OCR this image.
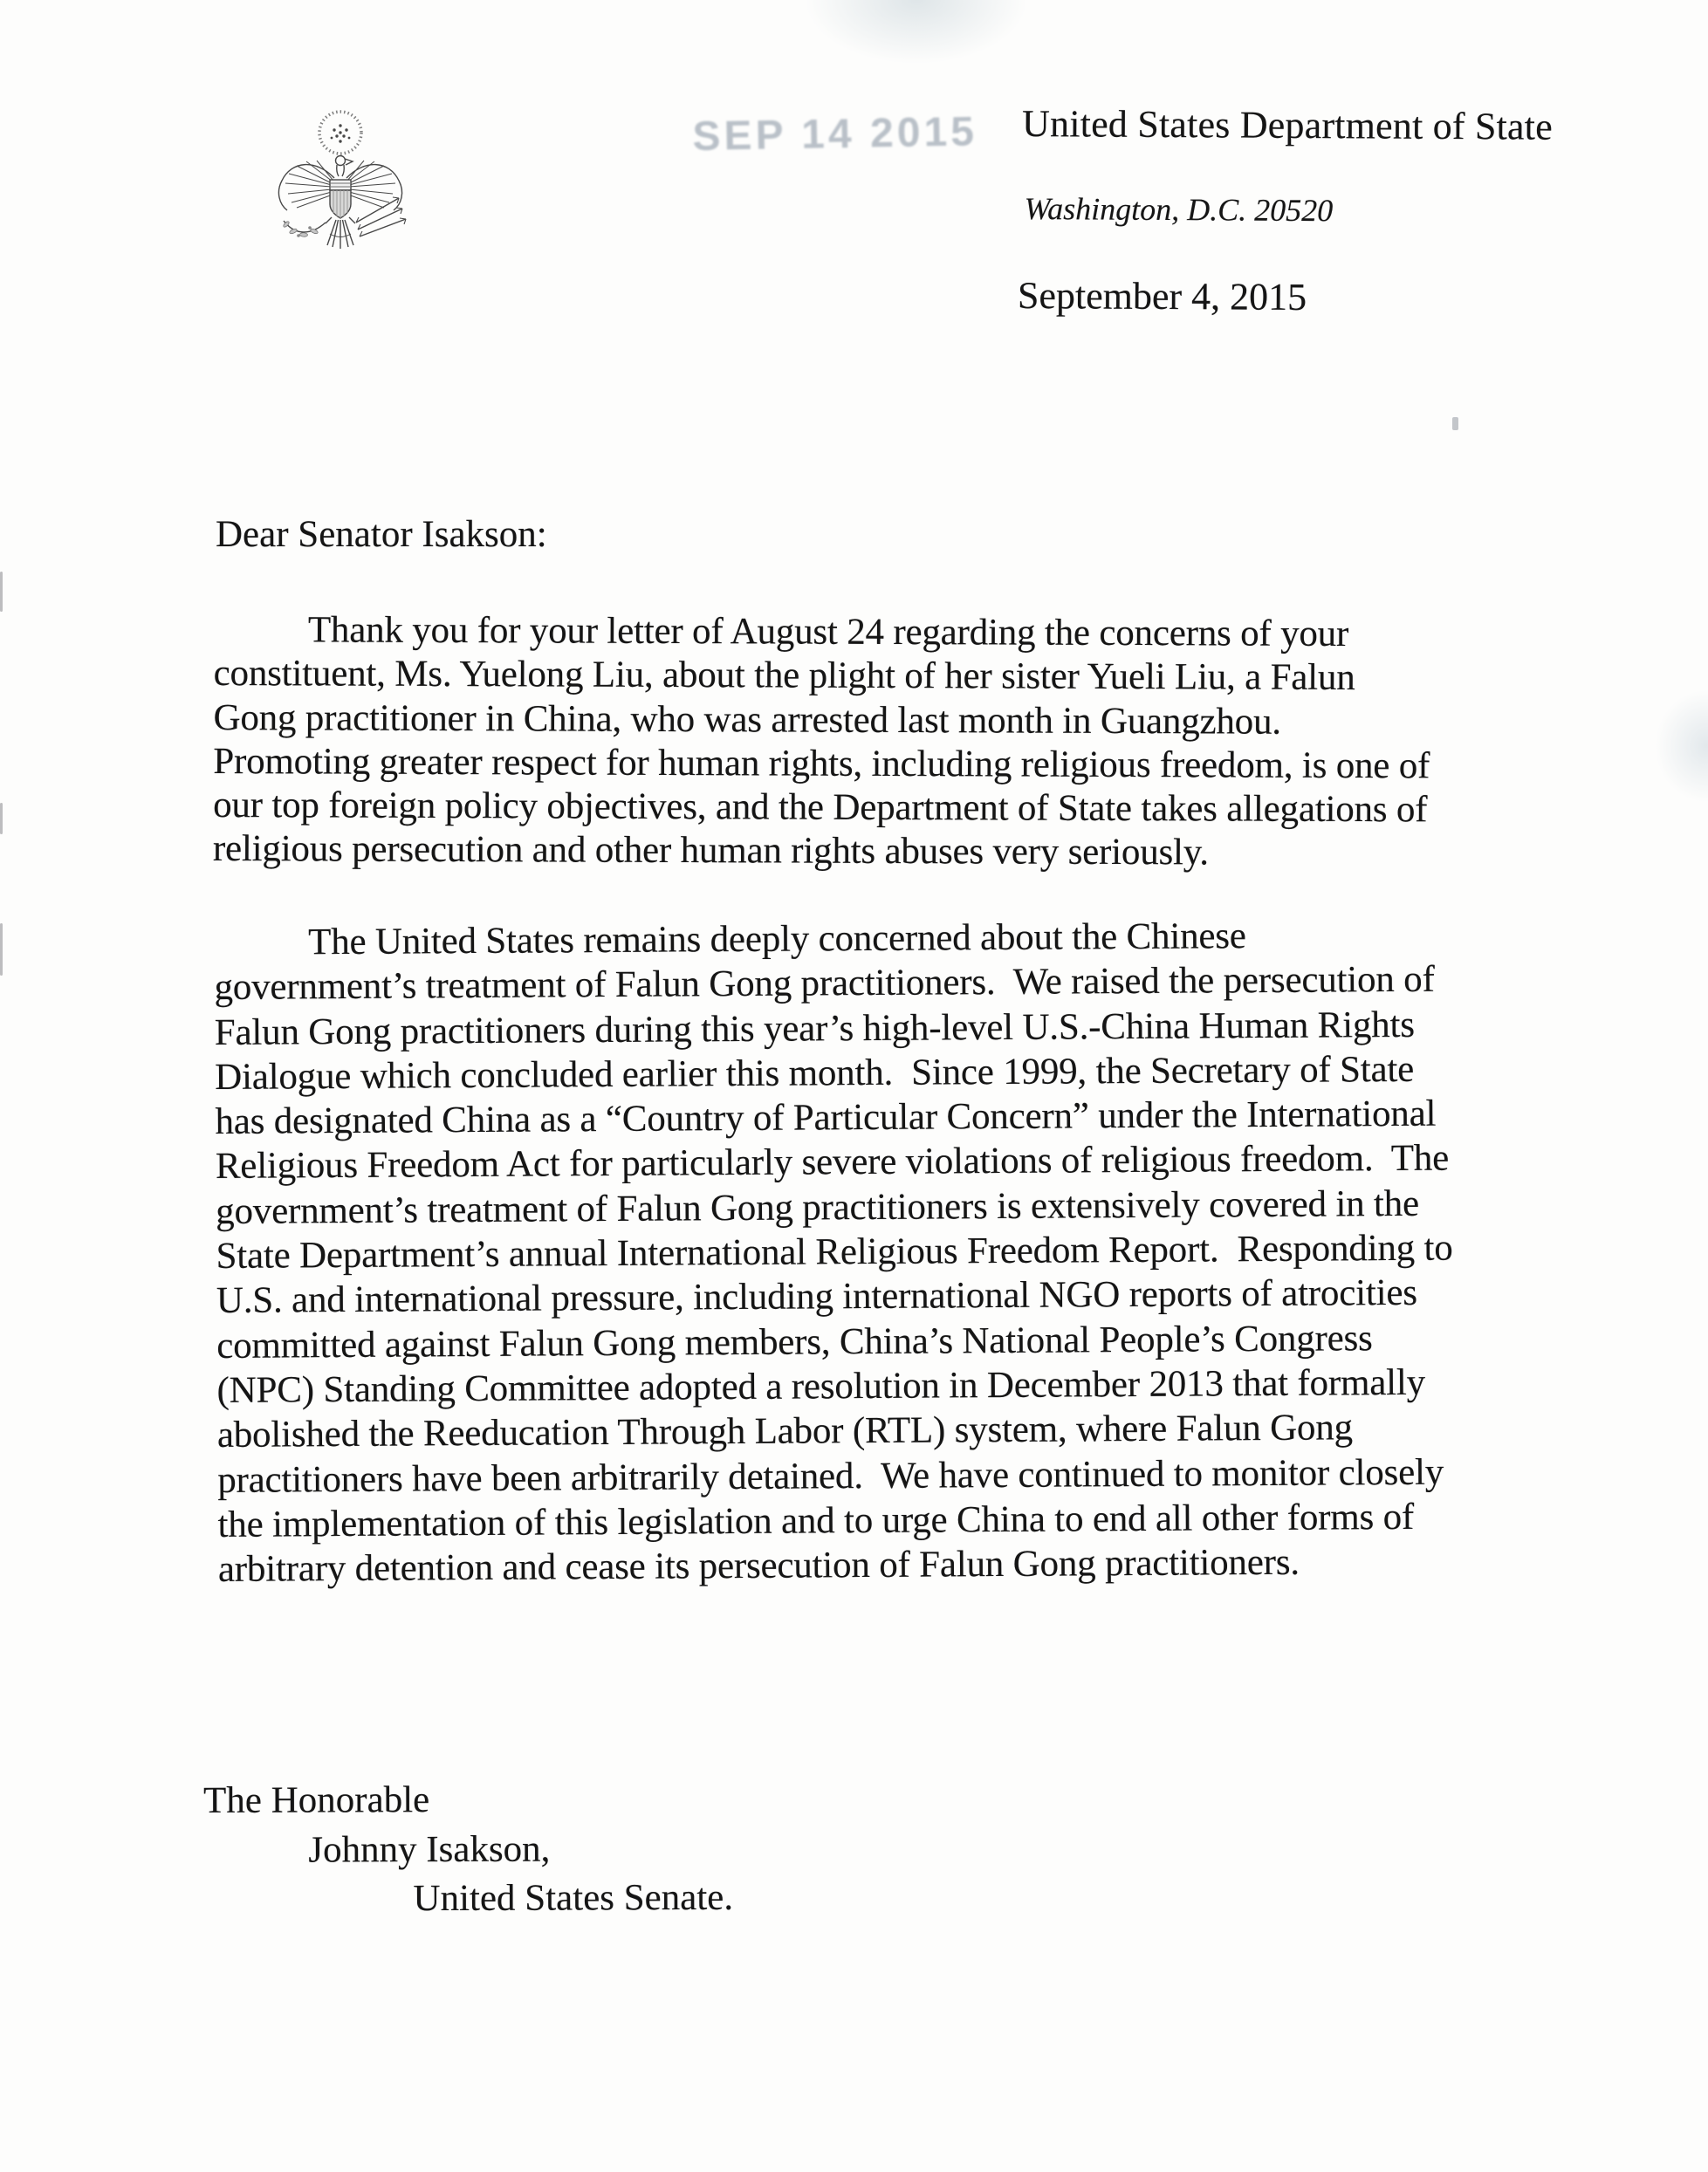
SEP 14 2015 United States Department of State
Washington, D.C. 20520
September 4, 2015
Dear Senator Isakson:
Thank you for your letter of August 24 regarding the concerns of your
constituent, Ms. Yuelong Liu, about the plight of her sister Yueli Liu, a Falun
Gong practitioner in China, who was arrested last month in Guangzhou.
Promoting greater respect for human rights, including religious freedom, is one of
our top foreign policy objectives, and the Department of State takes allegations of
religious persecution and other human rights abuses very seriously.
The United States remains deeply concerned about the Chinese
government’s treatment of Falun Gong practitioners.  We raised the persecution of
Falun Gong practitioners during this year’s high-level U.S.-China Human Rights
Dialogue which concluded earlier this month.  Since 1999, the Secretary of State
has designated China as a “Country of Particular Concern” under the International
Religious Freedom Act for particularly severe violations of religious freedom.  The
government’s treatment of Falun Gong practitioners is extensively covered in the
State Department’s annual International Religious Freedom Report.  Responding to
U.S. and international pressure, including international NGO reports of atrocities
committed against Falun Gong members, China’s National People’s Congress
(NPC) Standing Committee adopted a resolution in December 2013 that formally
abolished the Reeducation Through Labor (RTL) system, where Falun Gong
practitioners have been arbitrarily detained.  We have continued to monitor closely
the implementation of this legislation and to urge China to end all other forms of
arbitrary detention and cease its persecution of Falun Gong practitioners.
The Honorable
Johnny Isakson,
United States Senate.
